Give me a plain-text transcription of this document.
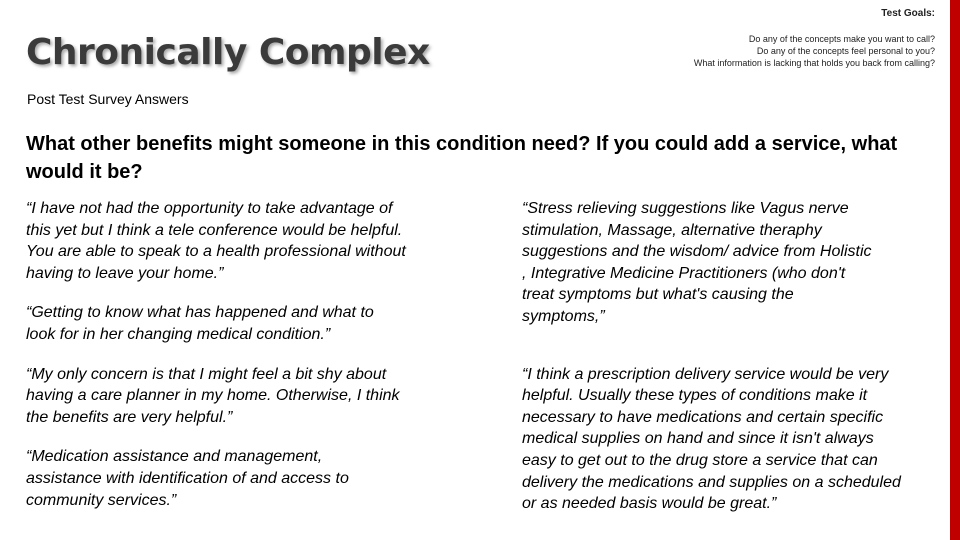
Chronically Complex
Post Test Survey Answers
Test Goals:
Do any of the concepts make you want to call?
Do any of the concepts feel personal to you?
What information is lacking that holds you back from calling?
What other benefits might someone in this condition need? If you could add a service, what would it be?

“I have not had the opportunity to take advantage of
this yet but I think a tele conference would be helpful.
You are able to speak to a health professional without
having to leave your home.”

“Getting to know what has happened and what to
look for in her changing medical condition.”

“My only concern is that I might feel a bit shy about
having a care planner in my home. Otherwise, I think
the benefits are very helpful.”

“Medication assistance and management,
assistance with identification of and access to
community services.”

“Stress relieving suggestions like Vagus nerve
stimulation, Massage, alternative theraphy
suggestions and the wisdom/ advice from Holistic
, Integrative Medicine Practitioners (who don't
treat symptoms but what's causing the
symptoms,”

“I think a prescription delivery service would be very
helpful. Usually these types of conditions make it
necessary to have medications and certain specific
medical supplies on hand and since it isn't always
easy to get out to the drug store a service that can
delivery the medications and supplies on a scheduled
or as needed basis would be great.”
